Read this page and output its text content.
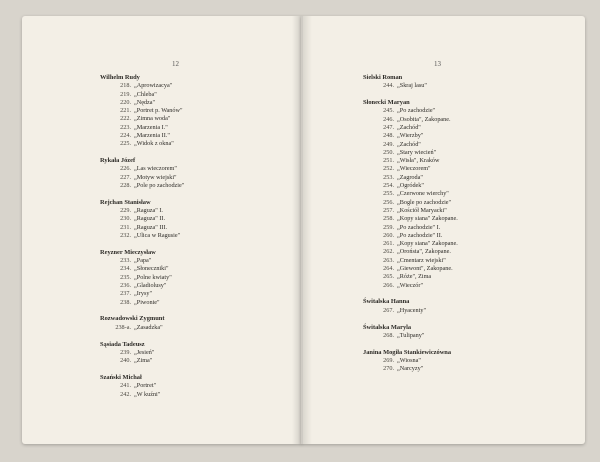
12
Wilhelm Rudy
218. „Aprowizacya"
219. „Chleba"
220. „Nędza"
221. „Portret p. Wanów"
222. „Zimna woda"
223. „Marzenia I."
224. „Marzenia II."
225. „Widok z okna"
Rykała Józef
226. „Las wieczorem"
227. „Motyw wiejski"
228. „Pole po zachodzie"
Rejchan Stanisław
229. „Raguza" I.
230. „Raguza" II.
231. „Raguza" III.
232. „Ulica w Ragusie"
Reyzner Mieczysław
233. „Papa"
234. „Słoneczniki"
235. „Polne kwiaty"
236. „Gladiolusy"
237. „Irysy"
238. „Piwonie"
Rozwadowski Zygmunt
238-a. „Zasadzka"
Sąsiada Tadeusz
239. „Jesień"
240. „Zima"
Szański Michał
241. „Portret"
242. „W kuźni"
13
Sielski Roman
244. „Skraj lasu"
Słonecki Maryan
245. „Po zachodzie"
246. „Osobita", Zakopane.
247. „Zachód"
248. „Wierzby"
249. „Zachód"
250. „Stary wiecień"
251. „Wisła", Kraków
252. „Wieczorem"
253. „Zagroda"
254. „Ogródek"
255. „Czerwone wierchy"
256. „Bogle po zachodzie"
257. „Kościół Maryacki"
258. „Kopy siana" Zakopane.
259. „Po zachodzie" I.
260. „Po zachodzie" II.
261. „Kopy siana" Zakopane.
262. „Oroństa", Zakopane.
263. „Cmentarz wiejski"
264. „Giewont", Zakopane.
265. „Róże", Zima
266. „Wieczór"
Świtalska Hanna
267. „Hyacenty"
Świtalska Maryla
268. „Tulipany"
Janina Mogiła Stankiewiczówna
269. „Wiosna"
270. „Narcyzy"
